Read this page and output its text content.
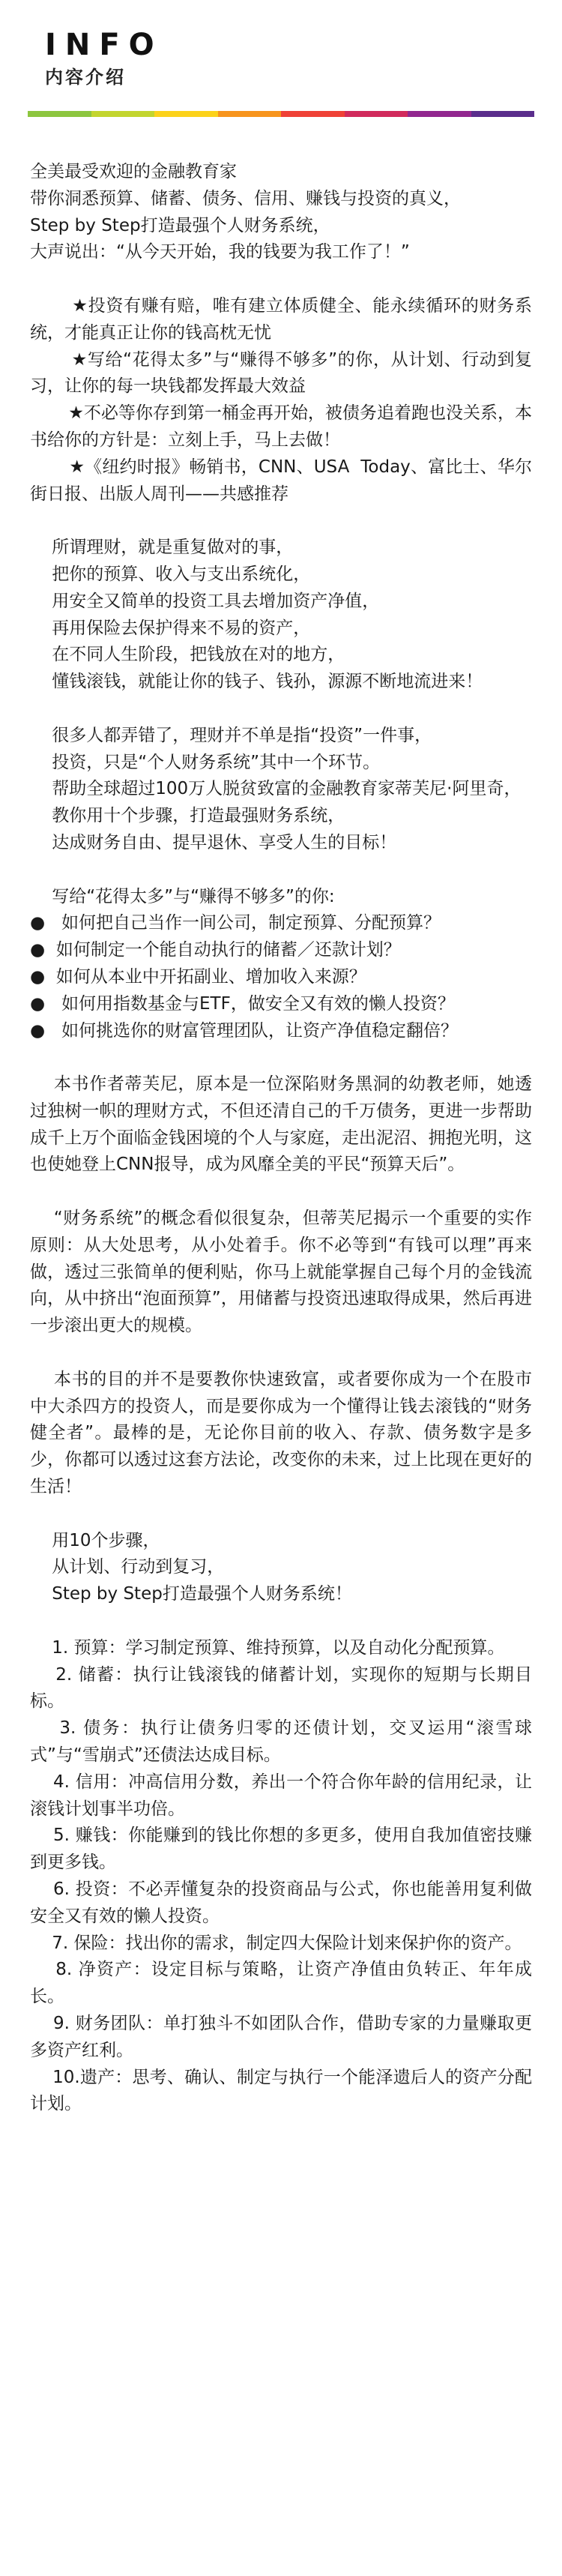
INFO
内容介绍

全美最受欢迎的金融教育家

带你洞悉预算、储蓄、债务、信用、赚钱与投资的真义，

Step by Step打造最强个人财务系统，

大声说出：“从今天开始，我的钱要为我工作了！”

★投资有赚有赔，唯有建立体质健全、能永续循环的财务系统，才能真正让你的钱高枕无忧

★写给“花得太多”与“赚得不够多”的你，从计划、行动到复习，让你的每一块钱都发挥最大效益

★不必等你存到第一桶金再开始，被债务追着跑也没关系，本书给你的方针是：立刻上手，马上去做！

★《纽约时报》畅销书，CNN、USA  Today、富比士、华尔街日报、出版人周刊——共感推荐

所谓理财，就是重复做对的事，

把你的预算、收入与支出系统化，

用安全又简单的投资工具去增加资产净值，

再用保险去保护得来不易的资产，

在不同人生阶段，把钱放在对的地方，

懂钱滚钱，就能让你的钱子、钱孙，源源不断地流进来！

很多人都弄错了，理财并不单是指“投资”一件事，

投资，只是“个人财务系统”其中一个环节。

帮助全球超过100万人脱贫致富的金融教育家蒂芙尼·阿里奇，

教你用十个步骤，打造最强财务系统，

达成财务自由、提早退休、享受人生的目标！

写给“花得太多”与“赚得不够多”的你:

●   如何把自己当作一间公司，制定预算、分配预算？

●  如何制定一个能自动执行的储蓄／还款计划？

●  如何从本业中开拓副业、增加收入来源？

●   如何用指数基金与ETF，做安全又有效的懒人投资？

●   如何挑选你的财富管理团队，让资产净值稳定翻倍？

本书作者蒂芙尼，原本是一位深陷财务黑洞的幼教老师，她透过独树一帜的理财方式，不但还清自己的千万债务，更进一步帮助成千上万个面临金钱困境的个人与家庭，走出泥沼、拥抱光明，这也使她登上CNN报导，成为风靡全美的平民“预算天后”。

“财务系统”的概念看似很复杂，但蒂芙尼揭示一个重要的实作原则：从大处思考，从小处着手。你不必等到“有钱可以理”再来做，透过三张简单的便利贴，你马上就能掌握自己每个月的金钱流向，从中挤出“泡面预算”，用储蓄与投资迅速取得成果，然后再进一步滚出更大的规模。

本书的目的并不是要教你快速致富，或者要你成为一个在股市中大杀四方的投资人，而是要你成为一个懂得让钱去滚钱的“财务健全者”。最棒的是，无论你目前的收入、存款、债务数字是多少，你都可以透过这套方法论，改变你的未来，过上比现在更好的生活！

用10个步骤，

从计划、行动到复习，

Step by Step打造最强个人财务系统！

1. 预算：学习制定预算、维持预算，以及自动化分配预算。

2. 储蓄：执行让钱滚钱的储蓄计划，实现你的短期与长期目标。

3. 债务：执行让债务归零的还债计划，交叉运用“滚雪球式”与“雪崩式”还债法达成目标。

4. 信用：冲高信用分数，养出一个符合你年龄的信用纪录，让滚钱计划事半功倍。

5. 赚钱：你能赚到的钱比你想的多更多，使用自我加值密技赚到更多钱。

6. 投资：不必弄懂复杂的投资商品与公式，你也能善用复利做安全又有效的懒人投资。

7. 保险：找出你的需求，制定四大保险计划来保护你的资产。

8. 净资产：设定目标与策略，让资产净值由负转正、年年成长。

9. 财务团队：单打独斗不如团队合作，借助专家的力量赚取更多资产红利。

10.遗产：思考、确认、制定与执行一个能泽遗后人的资产分配计划。
